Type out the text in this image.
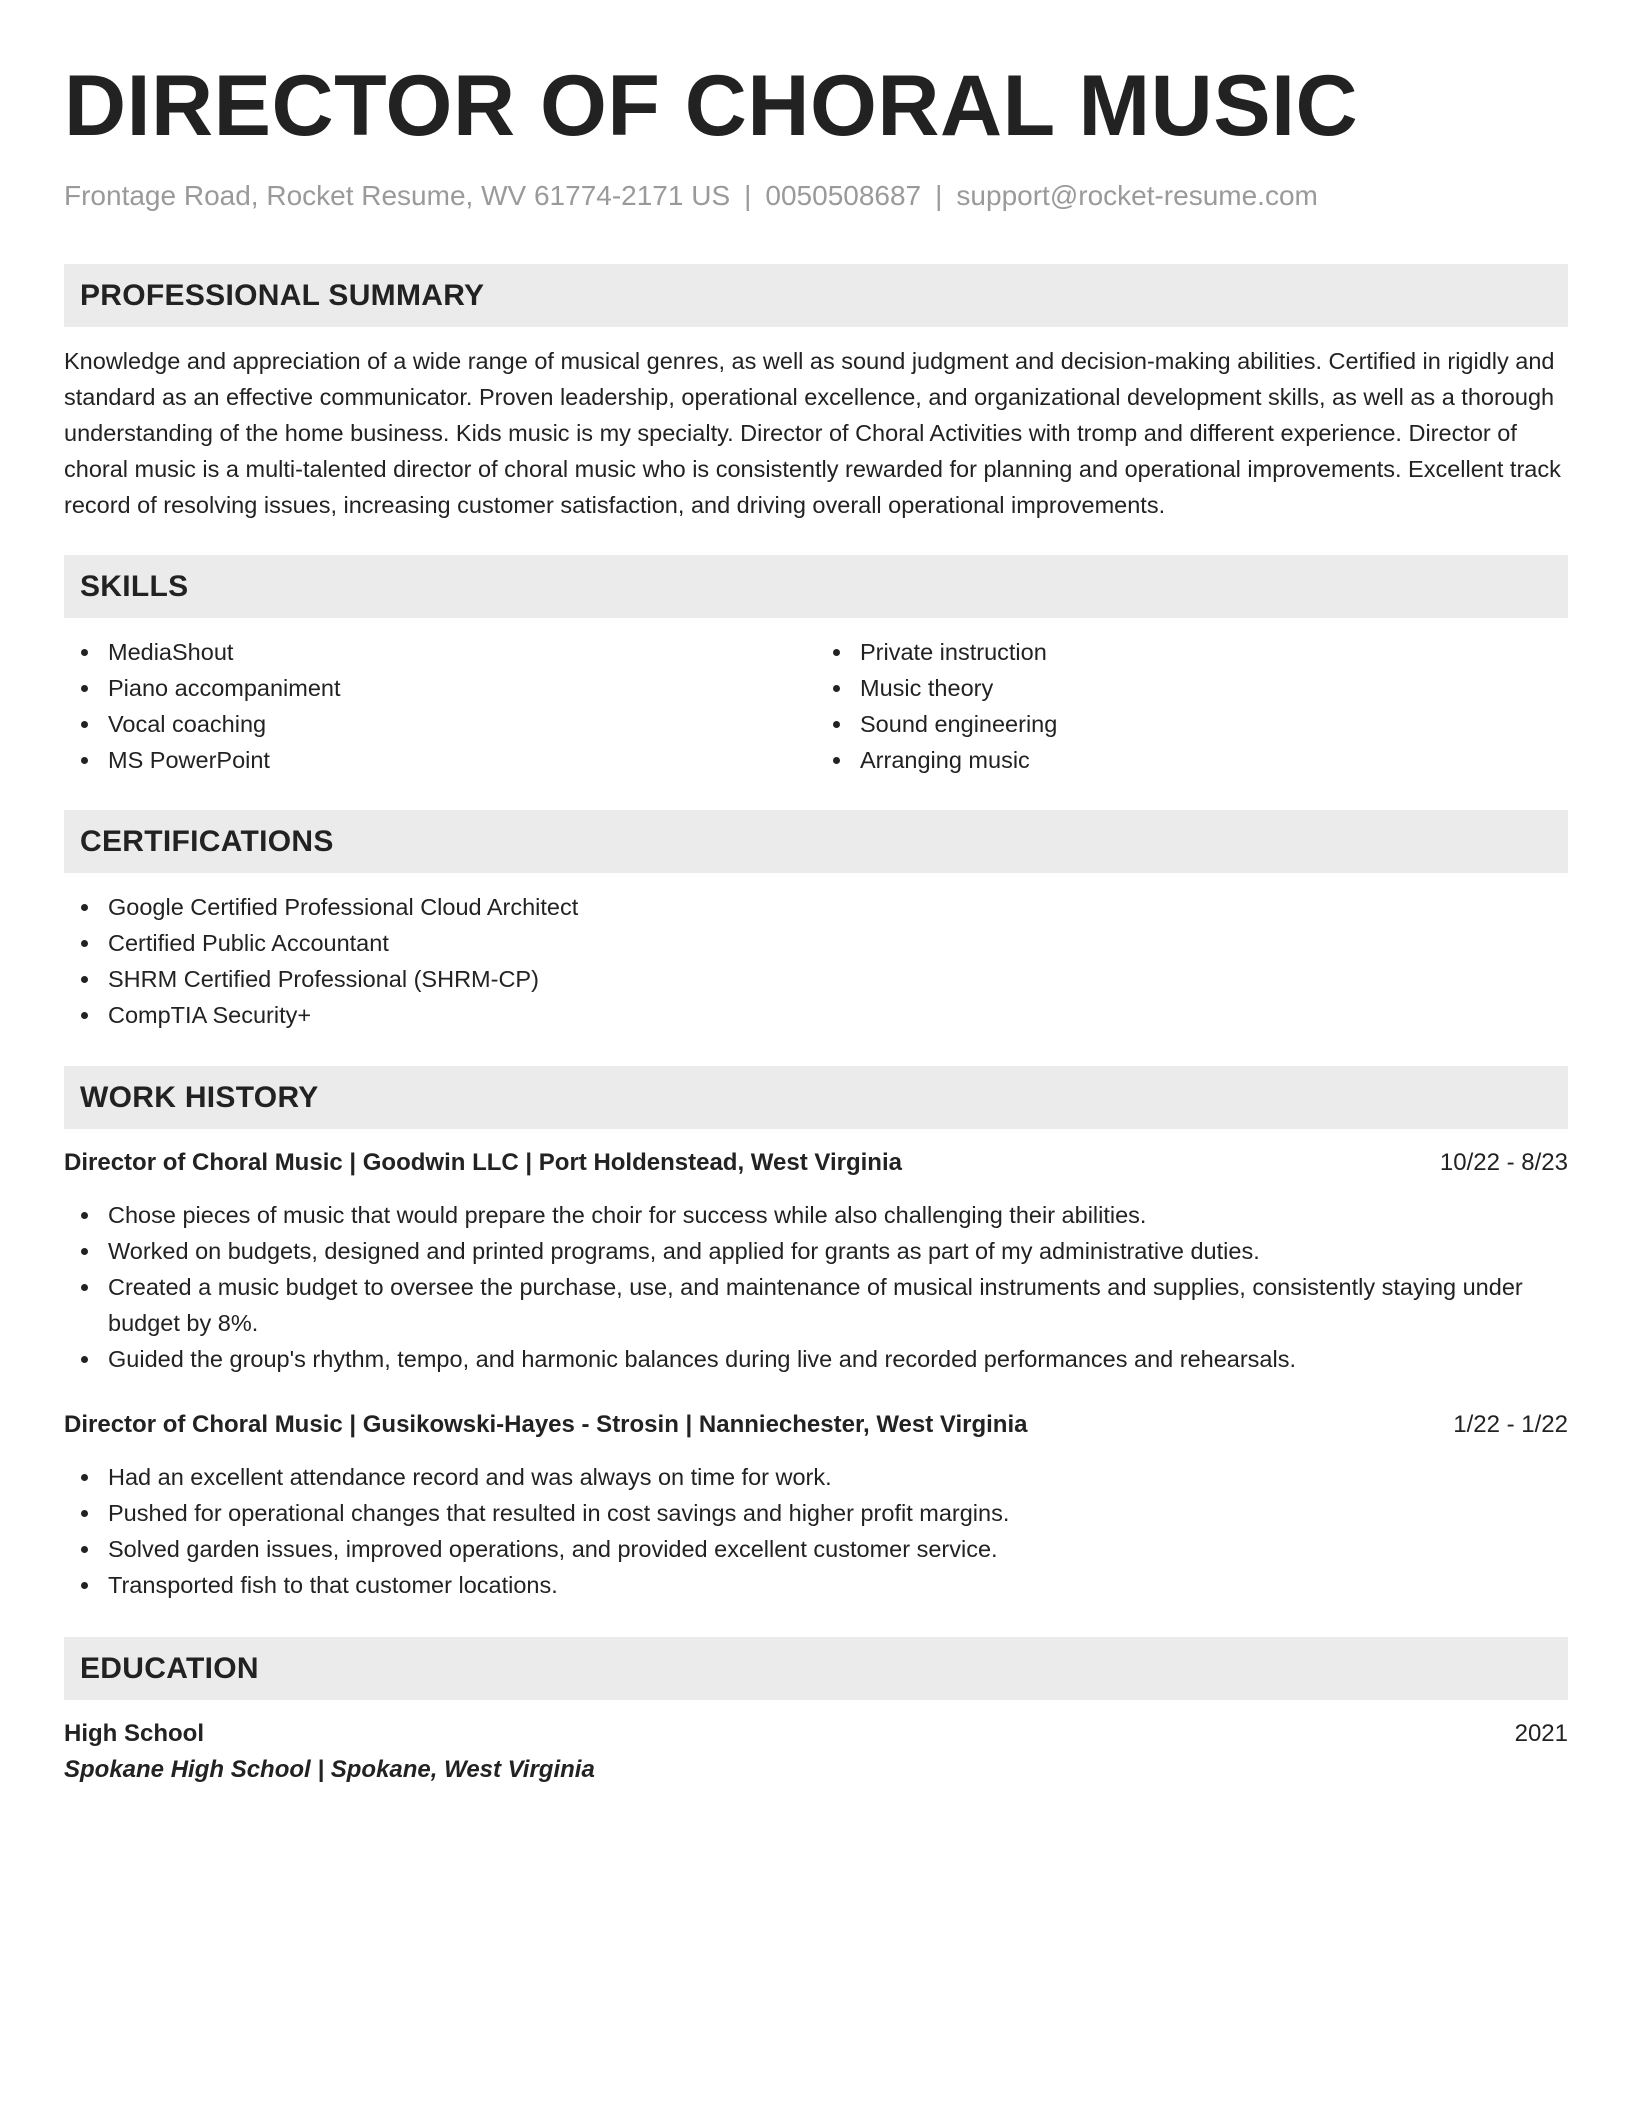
DIRECTOR OF CHORAL MUSIC
Frontage Road, Rocket Resume, WV 61774-2171 US | 0050508687 | support@rocket-resume.com
PROFESSIONAL SUMMARY
Knowledge and appreciation of a wide range of musical genres, as well as sound judgment and decision-making abilities. Certified in rigidly and standard as an effective communicator. Proven leadership, operational excellence, and organizational development skills, as well as a thorough understanding of the home business. Kids music is my specialty. Director of Choral Activities with tromp and different experience. Director of choral music is a multi-talented director of choral music who is consistently rewarded for planning and operational improvements. Excellent track record of resolving issues, increasing customer satisfaction, and driving overall operational improvements.
SKILLS
MediaShout
Piano accompaniment
Vocal coaching
MS PowerPoint
Private instruction
Music theory
Sound engineering
Arranging music
CERTIFICATIONS
Google Certified Professional Cloud Architect
Certified Public Accountant
SHRM Certified Professional (SHRM-CP)
CompTIA Security+
WORK HISTORY
Director of Choral Music | Goodwin LLC | Port Holdenstead, West Virginia	10/22 - 8/23
Chose pieces of music that would prepare the choir for success while also challenging their abilities.
Worked on budgets, designed and printed programs, and applied for grants as part of my administrative duties.
Created a music budget to oversee the purchase, use, and maintenance of musical instruments and supplies, consistently staying under budget by 8%.
Guided the group's rhythm, tempo, and harmonic balances during live and recorded performances and rehearsals.
Director of Choral Music | Gusikowski-Hayes - Strosin | Nanniechester, West Virginia	1/22 - 1/22
Had an excellent attendance record and was always on time for work.
Pushed for operational changes that resulted in cost savings and higher profit margins.
Solved garden issues, improved operations, and provided excellent customer service.
Transported fish to that customer locations.
EDUCATION
High School	2021
Spokane High School | Spokane, West Virginia
